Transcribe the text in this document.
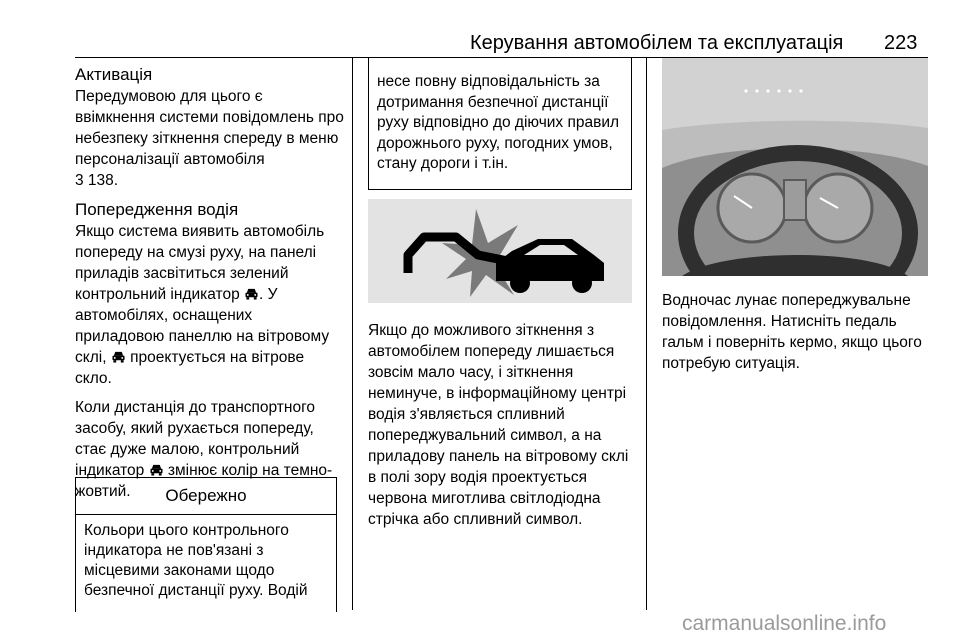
Керування автомобілем та експлуатація 223

Активація

Передумовою для цього є ввімкнення системи повідомлень про небезпеку зіткнення спереду в меню персоналізації автомобіля
3 138.

Попередження водія

Якщо система виявить автомобіль попереду на смузі руху, на панелі приладів засвітиться зелений контрольний індикатор . У автомобілях, оснащених приладовою панеллю на вітровому склі, проектується на вітрове скло.

Коли дистанція до транспортного засобу, який рухається попереду, стає дуже малою, контрольний індикатор змінює колір на темно-жовтий.	Обережно
Кольори цього контрольного індикатора не пов'язані з місцевими законами щодо безпечної дистанції руху. Водій
несе повну відповідальність за дотримання безпечної дистанції руху відповідно до діючих правил дорожнього руху, погодних умов, стану дороги і т.ін.

Якщо до можливого зіткнення з автомобілем попереду лишається зовсім мало часу, і зіткнення неминуче, в інформаційному центрі водія з'являється спливний попереджувальний символ, а на приладову панель на вітровому склі в полі зору водія проектується червона миготлива світлодіодна стрічка або спливний символ.

Водночас лунає попереджувальне повідомлення. Натисніть педаль гальм і поверніть кермо, якщо цього потребую ситуація.

carmanualsonline.info
